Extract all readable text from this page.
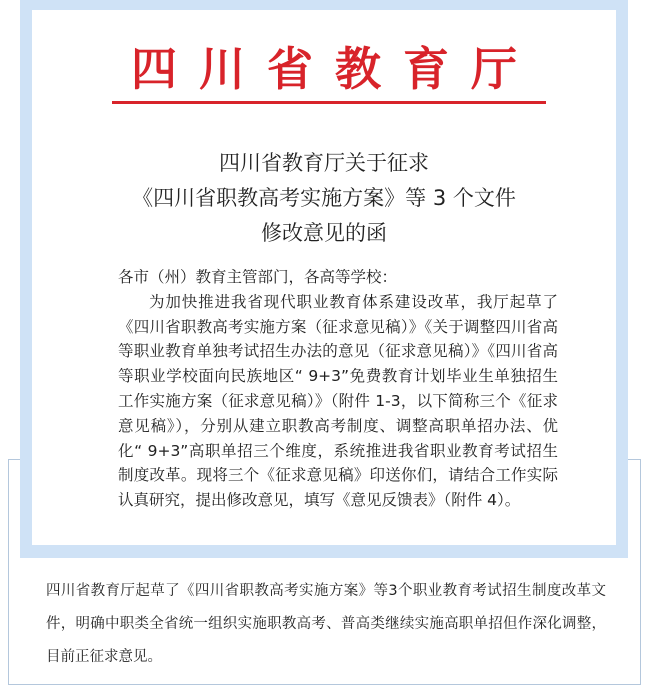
四川省教育厅
四川省教育厅关于征求
《四川省职教高考实施方案》等 3 个文件
修改意见的函
各市（州）教育主管部门，各高等学校：
为加快推进我省现代职业教育体系建设改革，我厅起草了《四川省职教高考实施方案（征求意见稿）》《关于调整四川省高等职业教育单独考试招生办法的意见（征求意见稿）》《四川省高等职业学校面向民族地区“ 9+3”免费教育计划毕业生单独招生工作实施方案（征求意见稿）》（附件 1-3，以下简称三个《征求意见稿》），分别从建立职教高考制度、调整高职单招办法、优化“ 9+3”高职单招三个维度，系统推进我省职业教育考试招生制度改革。现将三个《征求意见稿》印送你们，请结合工作实际认真研究，提出修改意见，填写《意见反馈表》（附件 4）。
四川省教育厅起草了《四川省职教高考实施方案》等3个职业教育考试招生制度改革文件，明确中职类全省统一组织实施职教高考、普高类继续实施高职单招但作深化调整，目前正征求意见。
